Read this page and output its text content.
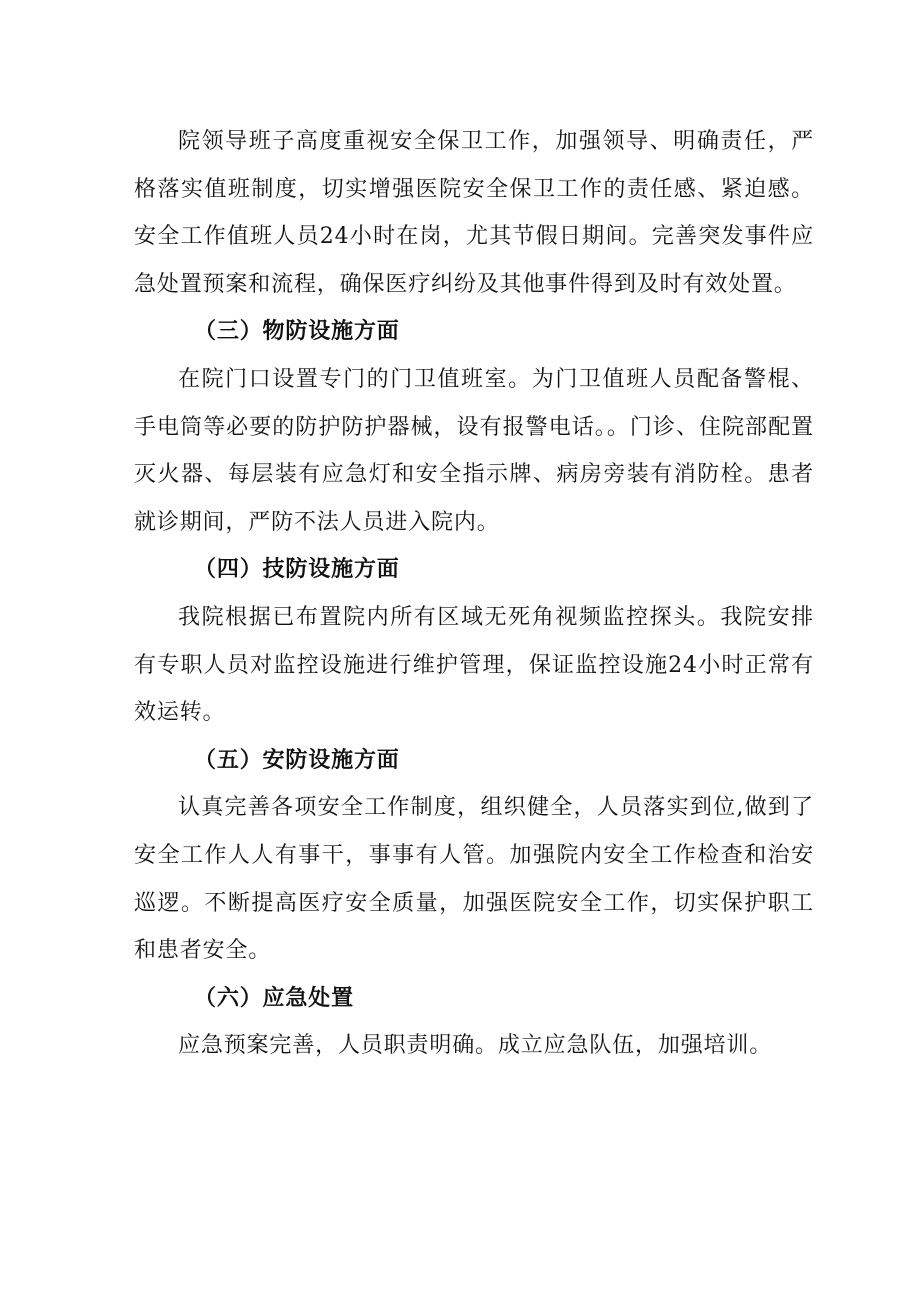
院领导班子高度重视安全保卫工作，加强领导、明确责任，严格落实值班制度，切实增强医院安全保卫工作的责任感、紧迫感。安全工作值班人员24小时在岗，尤其节假日期间。完善突发事件应急处置预案和流程，确保医疗纠纷及其他事件得到及时有效处置。

（三）物防设施方面

在院门口设置专门的门卫值班室。为门卫值班人员配备警棍、手电筒等必要的防护防护器械，设有报警电话。。门诊、住院部配置灭火器、每层装有应急灯和安全指示牌、病房旁装有消防栓。患者就诊期间，严防不法人员进入院内。

（四）技防设施方面

我院根据已布置院内所有区域无死角视频监控探头。我院安排有专职人员对监控设施进行维护管理，保证监控设施24小时正常有效运转。

（五）安防设施方面

认真完善各项安全工作制度，组织健全，人员落实到位,做到了安全工作人人有事干，事事有人管。加强院内安全工作检查和治安巡逻。不断提高医疗安全质量，加强医院安全工作，切实保护职工和患者安全。

（六）应急处置

应急预案完善，人员职责明确。成立应急队伍，加强培训。
